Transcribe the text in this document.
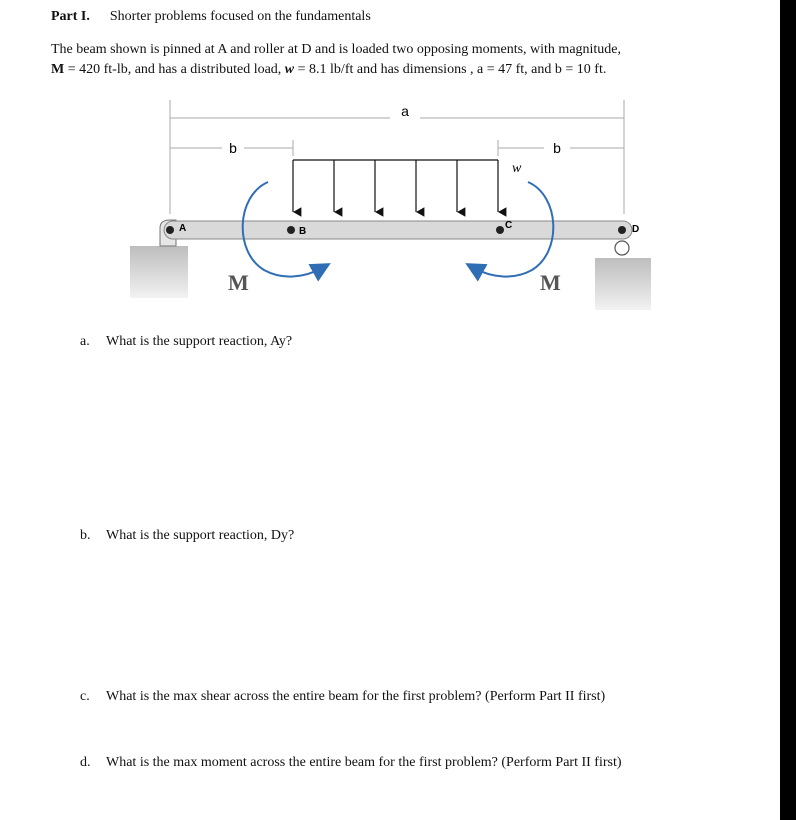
Part I. Shorter problems focused on the fundamentals
The beam shown is pinned at A and roller at D and is loaded two opposing moments, with magnitude,
M = 420 ft-lb, and has a distributed load, w = 8.1 lb/ft and has dimensions , a = 47 ft, and b = 10 ft.
a
b	b
w
A	B
C	D
M	M
a. What is the support reaction, Ay?
b. What is the support reaction, Dy?
c. What is the max shear across the entire beam for the first problem? (Perform Part II first)
d. What is the max moment across the entire beam for the first problem? (Perform Part II first)
